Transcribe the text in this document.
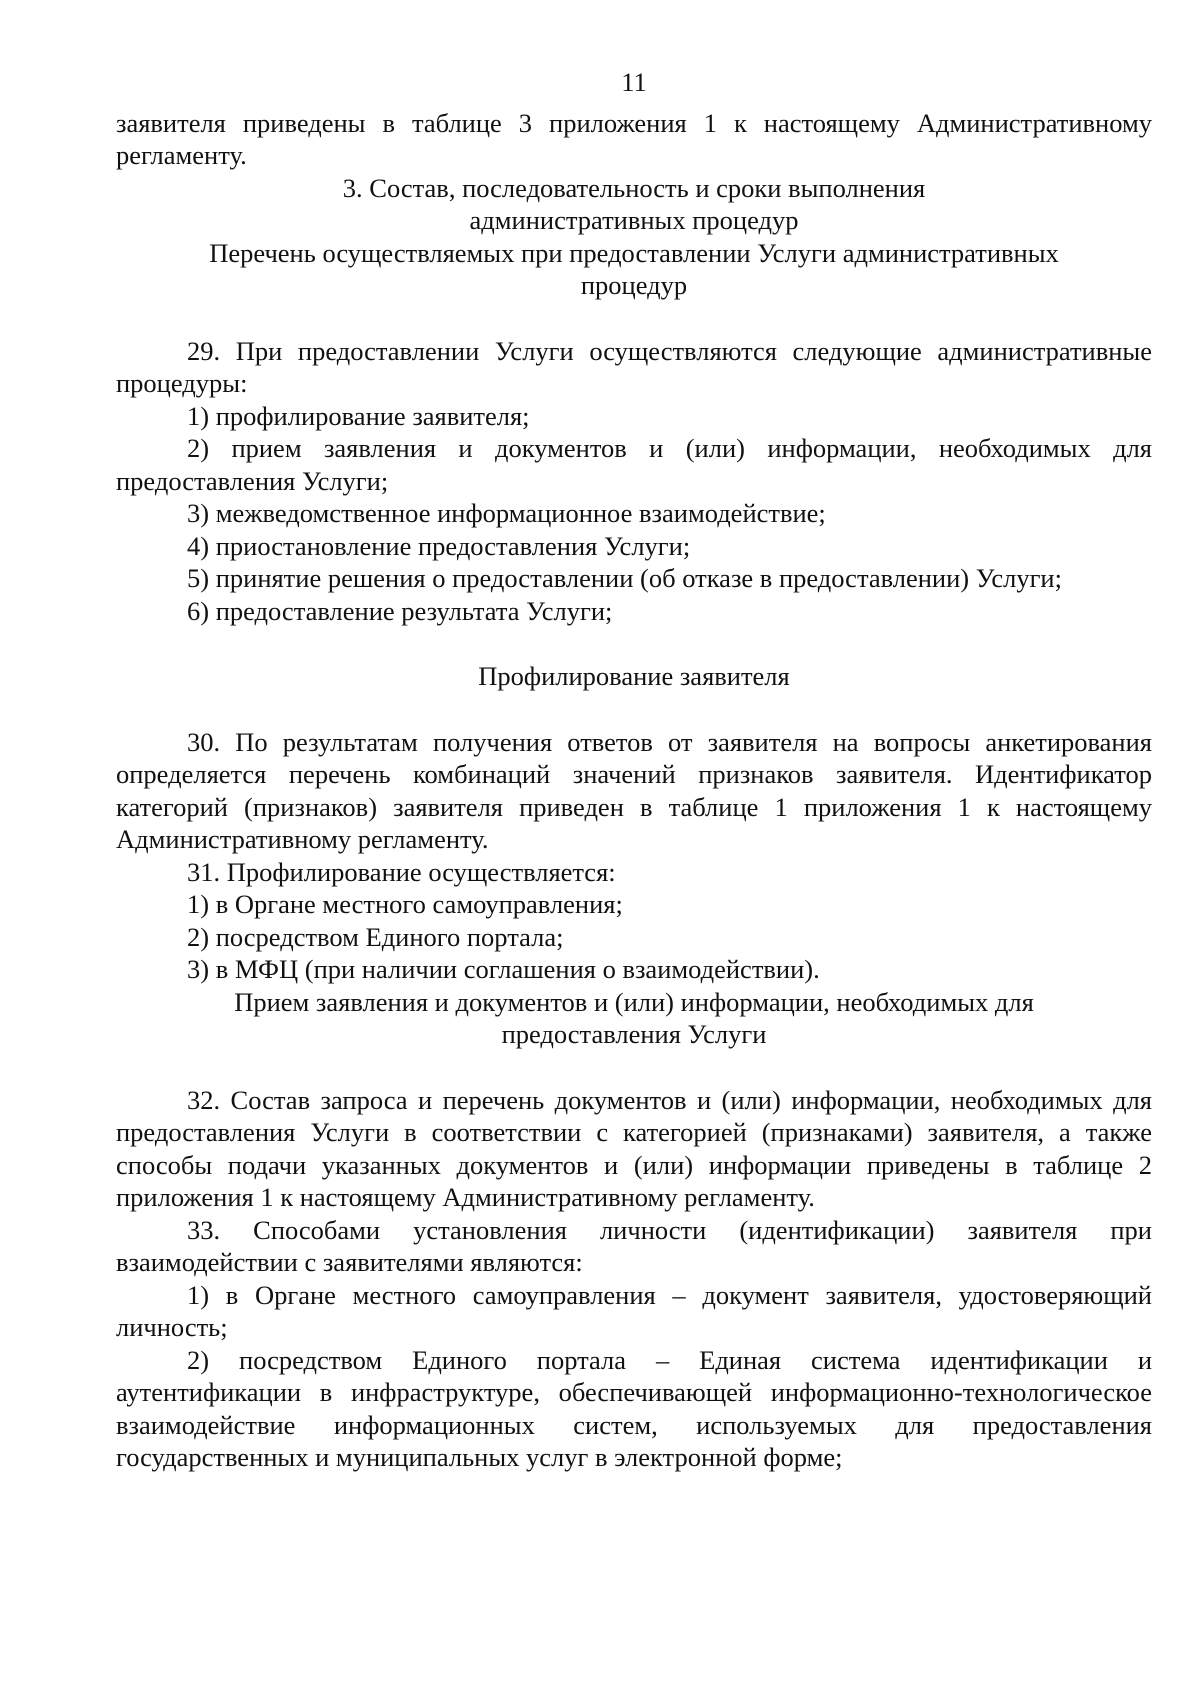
11

заявителя приведены в таблице 3 приложения 1 к настоящему Административному регламенту.

3. Состав, последовательность и сроки выполнения административных процедур

Перечень осуществляемых при предоставлении Услуги административных процедур

29. При предоставлении Услуги осуществляются следующие административные процедуры:

1) профилирование заявителя;

2) прием заявления и документов и (или) информации, необходимых для предоставления Услуги;

3) межведомственное информационное взаимодействие;

4) приостановление предоставления Услуги;

5) принятие решения о предоставлении (об отказе в предоставлении) Услуги;

6) предоставление результата Услуги;

Профилирование заявителя

30. По результатам получения ответов от заявителя на вопросы анкетирования определяется перечень комбинаций значений признаков заявителя. Идентификатор категорий (признаков) заявителя приведен в таблице 1 приложения 1 к настоящему Административному регламенту.

31. Профилирование осуществляется:

1) в Органе местного самоуправления;

2) посредством Единого портала;

3) в МФЦ (при наличии соглашения о взаимодействии).

Прием заявления и документов и (или) информации, необходимых для предоставления Услуги

32. Состав запроса и перечень документов и (или) информации, необходимых для предоставления Услуги в соответствии с категорией (признаками) заявителя, а также способы подачи указанных документов и (или) информации приведены в таблице 2 приложения 1 к настоящему Административному регламенту.

33. Способами установления личности (идентификации) заявителя при взаимодействии с заявителями являются:

1) в Органе местного самоуправления – документ заявителя, удостоверяющий личность;

2) посредством Единого портала – Единая система идентификации и аутентификации в инфраструктуре, обеспечивающей информационно-технологическое взаимодействие информационных систем, используемых для предоставления государственных и муниципальных услуг в электронной форме;
